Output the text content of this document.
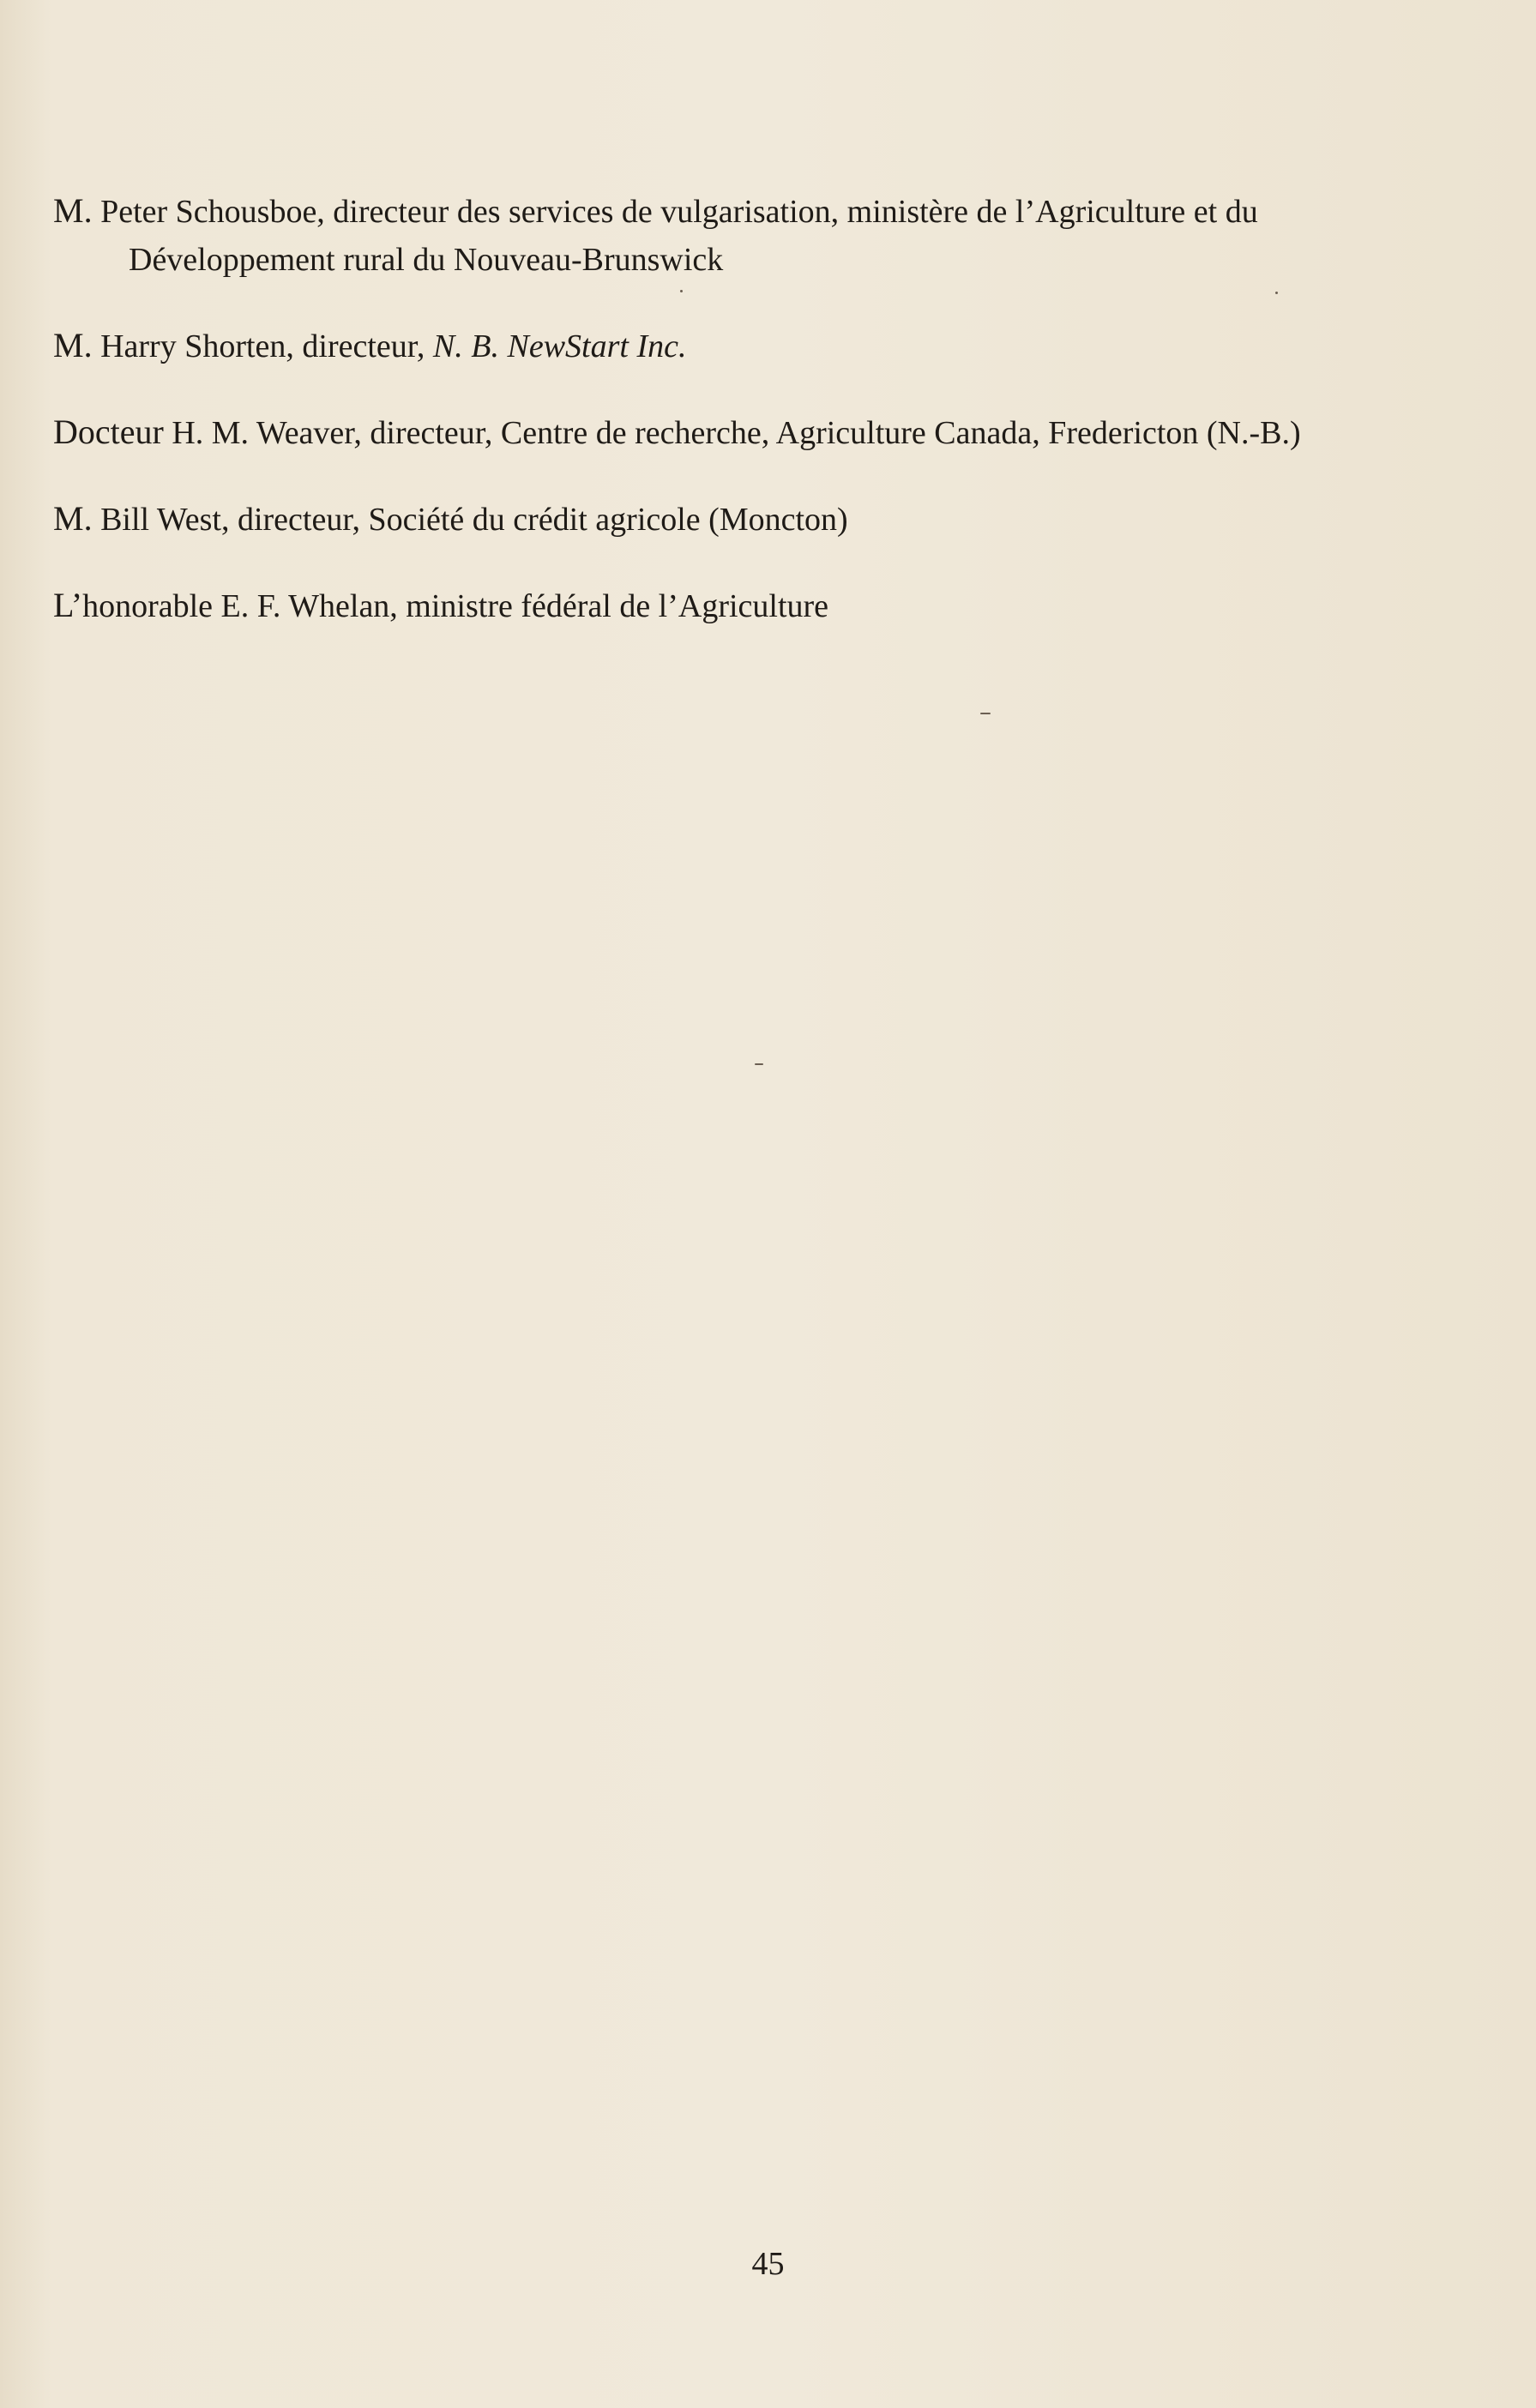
M. Peter Schousboe, directeur des services de vulgarisation, ministère de l’Agriculture et du Développement rural du Nouveau-Brunswick

M. Harry Shorten, directeur, N. B. NewStart Inc.

Docteur H. M. Weaver, directeur, Centre de recherche, Agriculture Canada, Fredericton (N.-B.)

M. Bill West, directeur, Société du crédit agricole (Moncton)

L’honorable E. F. Whelan, ministre fédéral de l’Agriculture

45
